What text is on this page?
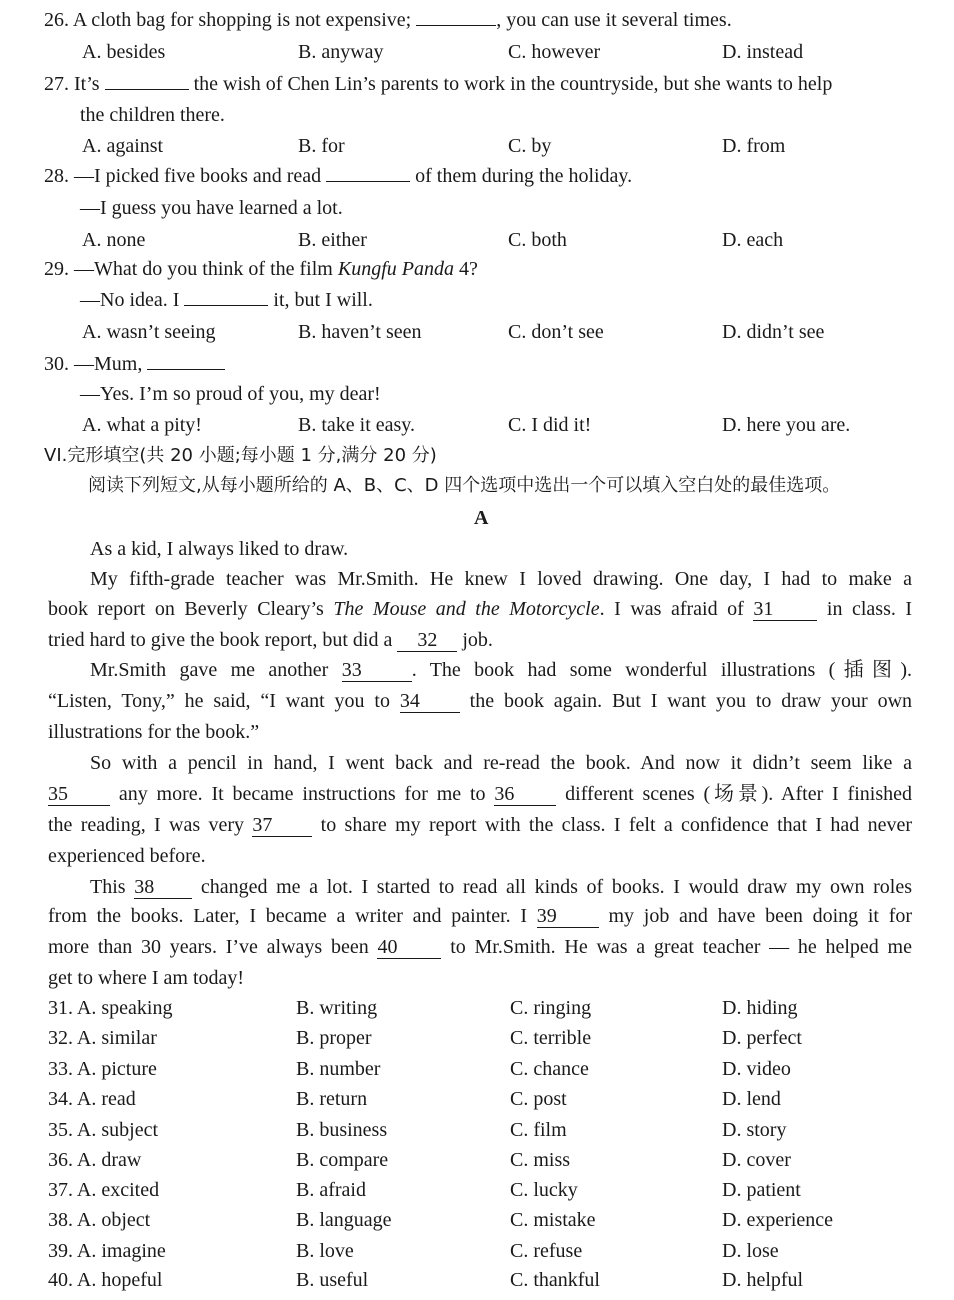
26. A cloth bag for shopping is not expensive;	, you can use it several times.
A. besides	B. anyway	C. however	D. instead
27. It’s	the wish of Chen Lin’s parents to work in the countryside, but she wants to help
the children there.
A. against	B. for	C. by	D. from
28. —I picked five books and read	of them during the holiday.
—I guess you have learned a lot.
A. none	B. either	C. both	D. each
29. —What do you think of the film Kungfu Panda 4?
—No idea. I	it, but I will.
A. wasn’t seeing	B. haven’t seen	C. don’t see	D. didn’t see
30. —Mum,
—Yes. I’m so proud of you, my dear!
A. what a pity!	B. take it easy.	C. I did it!	D. here you are.
VI.完形填空(共 20 小题;每小题 1 分,满分 20 分)
阅读下列短文,从每小题所给的 A、B、C、D 四个选项中选出一个可以填入空白处的最佳选项。
A
As a kid, I always liked to draw.
My fifth-grade teacher was Mr.Smith. He knew I loved drawing. One day, I had to make a
book report on Beverly Cleary’s The Mouse and the Motorcycle. I was afraid of 31	in class. I
tried hard to give the book report, but did a 32 job.
Mr.Smith gave me another 33	. The book had some wonderful illustrations (插图).
“Listen, Tony,” he said, “I want you to 34 the book again. But I want you to draw your own
illustrations for the book.”
So with a pencil in hand, I went back and re-read the book. And now it didn’t seem like a
35	any more. It became instructions for me to 36	different scenes (场景). After I finished
the reading, I was very 37 to share my report with the class. I felt a confidence that I had never
experienced before.
This 38 changed me a lot. I started to read all kinds of books. I would draw my own roles
from the books. Later, I became a writer and painter. I 39	my job and have been doing it for
more than 30 years. I’ve always been 40	to Mr.Smith. He was a great teacher — he helped me
get to where I am today!
31. A. speaking	B. writing	C. ringing	D. hiding
32. A. similar	B. proper	C. terrible	D. perfect
33. A. picture	B. number	C. chance	D. video
34. A. read	B. return	C. post	D. lend
35. A. subject	B. business	C. film	D. story
36. A. draw	B. compare	C. miss	D. cover
37. A. excited	B. afraid	C. lucky	D. patient
38. A. object	B. language	C. mistake	D. experience
39. A. imagine	B. love	C. refuse	D. lose
40. A. hopeful	B. useful	C. thankful	D. helpful
